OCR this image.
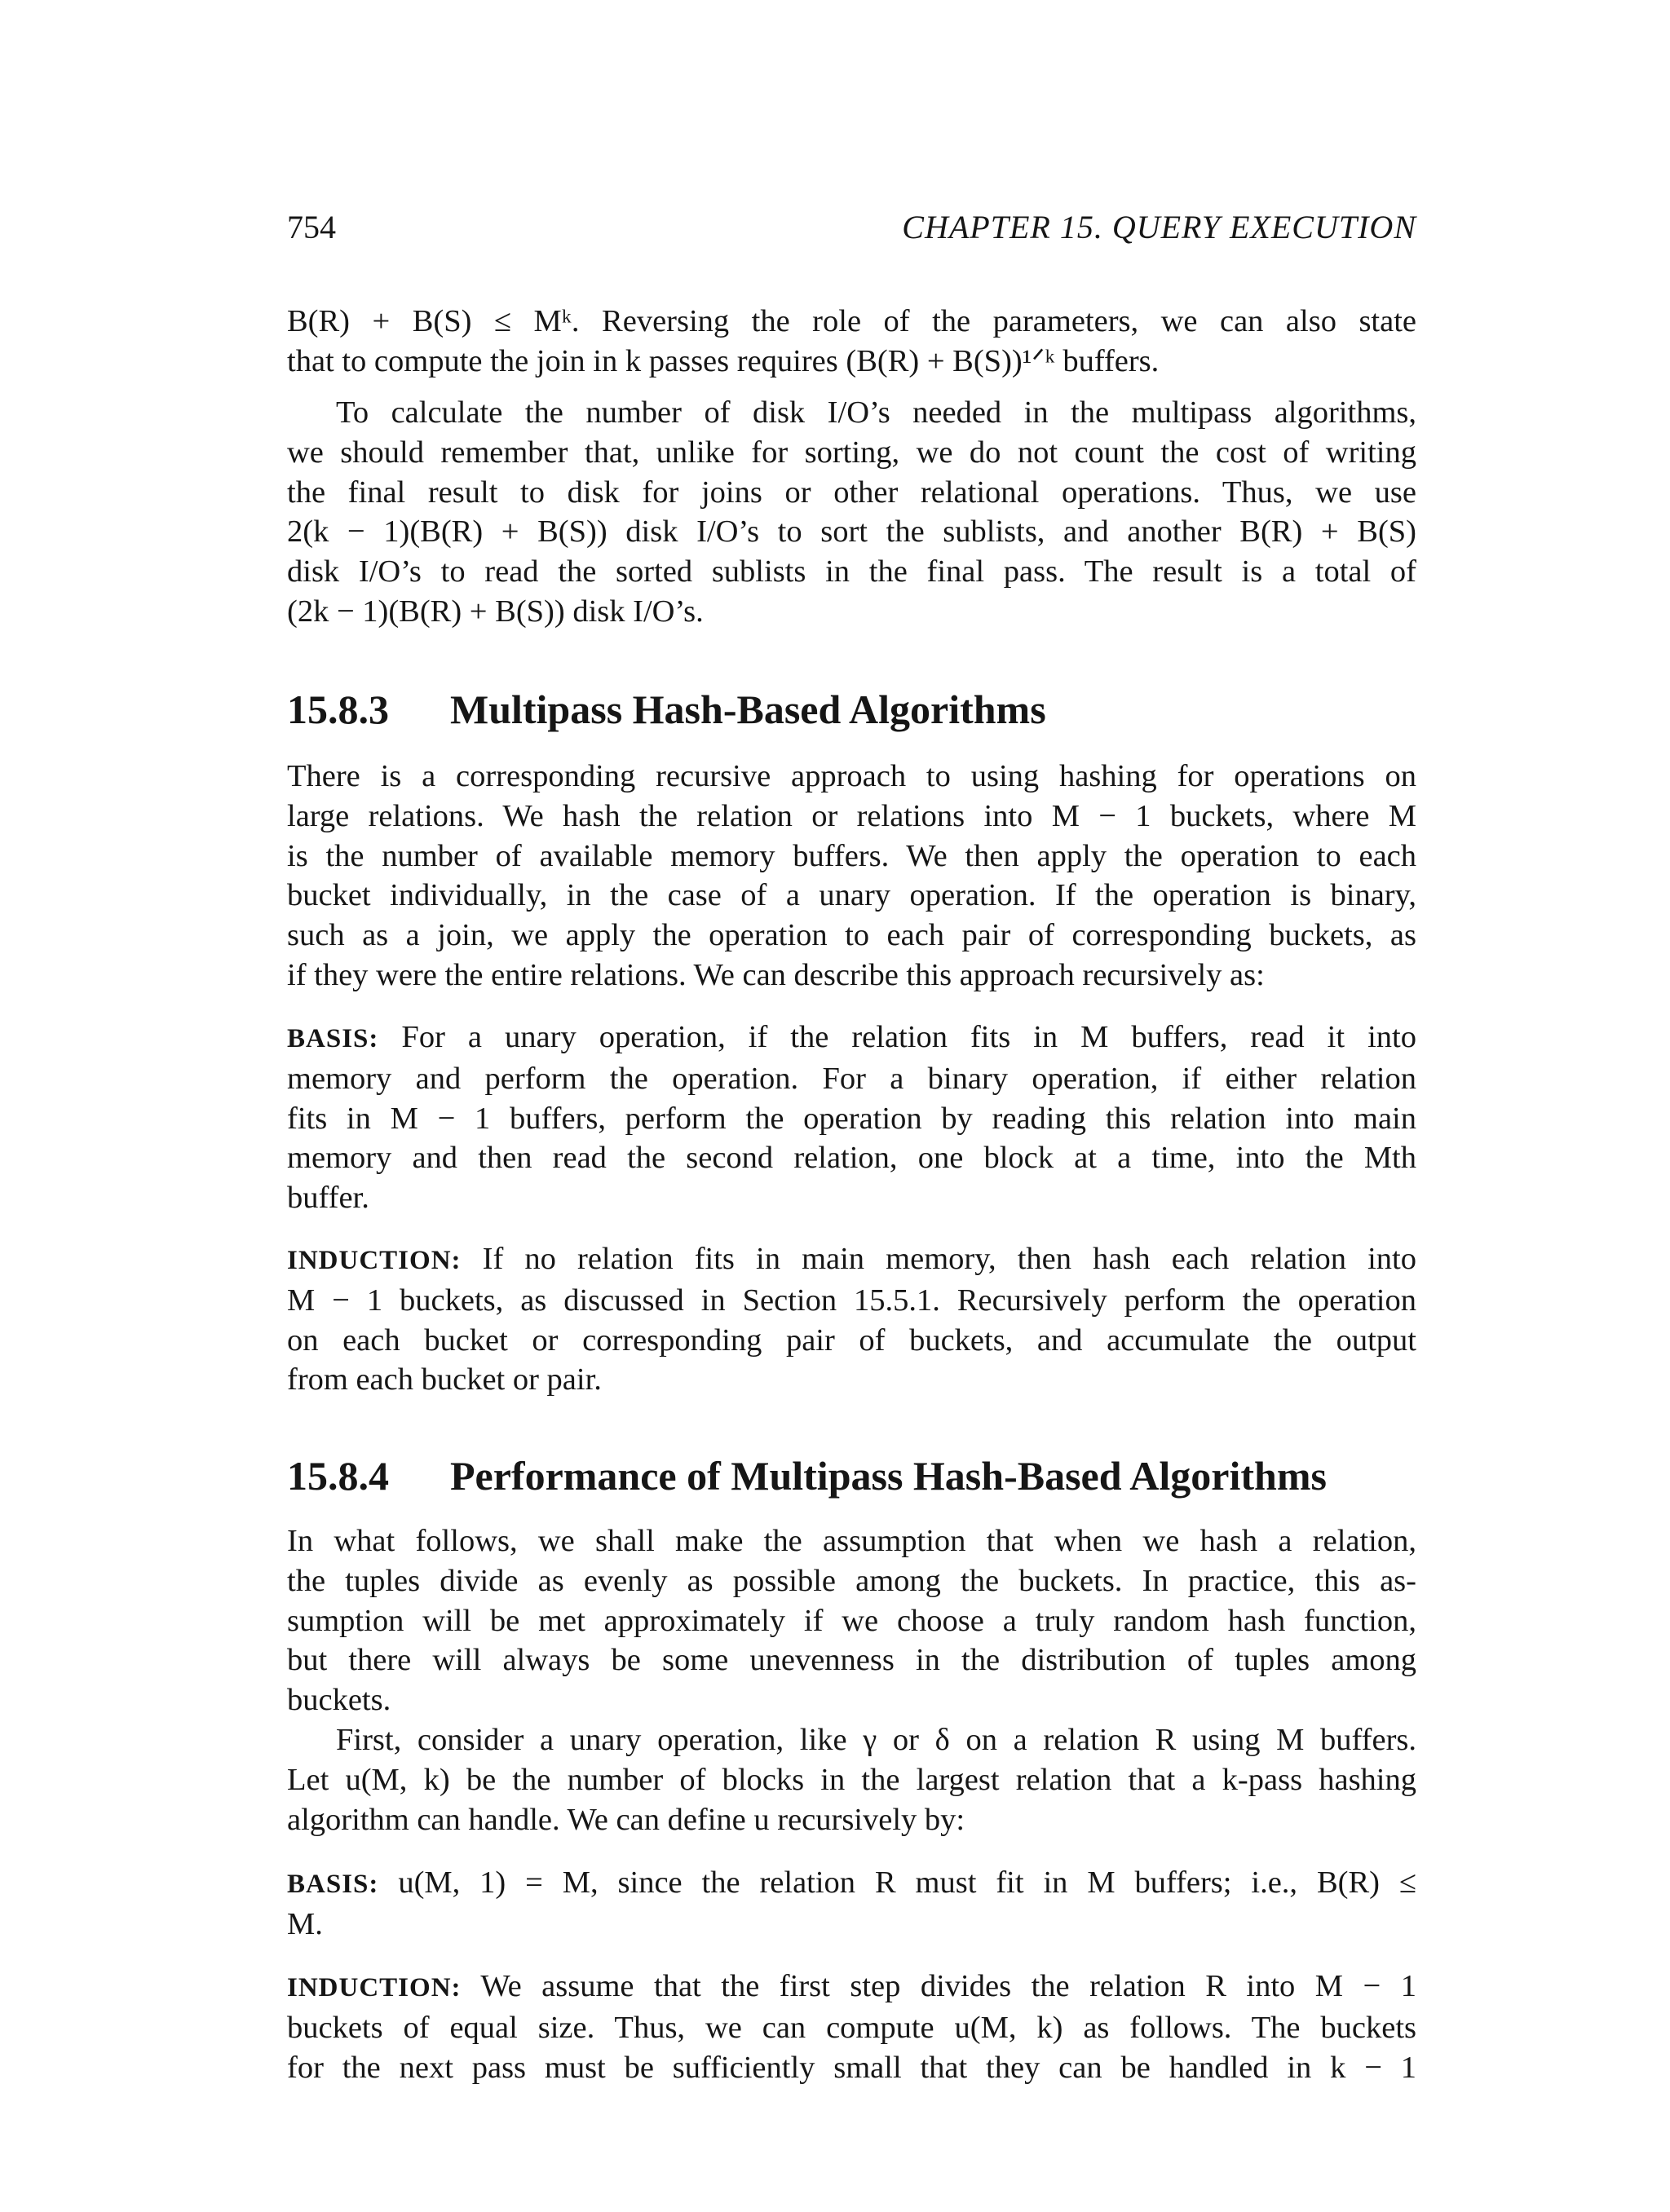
754	CHAPTER 15. QUERY EXECUTION
B(R) + B(S) ≤ Mᵏ. Reversing the role of the parameters, we can also state
that to compute the join in k passes requires (B(R) + B(S))¹ᐟᵏ buffers.
To calculate the number of disk I/O’s needed in the multipass algorithms,
we should remember that, unlike for sorting, we do not count the cost of writing
the final result to disk for joins or other relational operations. Thus, we use
2(k − 1)(B(R) + B(S)) disk I/O’s to sort the sublists, and another B(R) + B(S)
disk I/O’s to read the sorted sublists in the final pass. The result is a total of
(2k − 1)(B(R) + B(S)) disk I/O’s.
15.8.3 Multipass Hash-Based Algorithms
There is a corresponding recursive approach to using hashing for operations on
large relations. We hash the relation or relations into M − 1 buckets, where M
is the number of available memory buffers. We then apply the operation to each
bucket individually, in the case of a unary operation. If the operation is binary,
such as a join, we apply the operation to each pair of corresponding buckets, as
if they were the entire relations. We can describe this approach recursively as:
BASIS: For a unary operation, if the relation fits in M buffers, read it into
memory and perform the operation. For a binary operation, if either relation
fits in M − 1 buffers, perform the operation by reading this relation into main
memory and then read the second relation, one block at a time, into the Mth
buffer.
INDUCTION: If no relation fits in main memory, then hash each relation into
M − 1 buckets, as discussed in Section 15.5.1. Recursively perform the operation
on each bucket or corresponding pair of buckets, and accumulate the output
from each bucket or pair.
15.8.4 Performance of Multipass Hash-Based Algorithms
In what follows, we shall make the assumption that when we hash a relation,
the tuples divide as evenly as possible among the buckets. In practice, this as-
sumption will be met approximately if we choose a truly random hash function,
but there will always be some unevenness in the distribution of tuples among
buckets.
First, consider a unary operation, like γ or δ on a relation R using M buffers.
Let u(M, k) be the number of blocks in the largest relation that a k-pass hashing
algorithm can handle. We can define u recursively by:
BASIS: u(M, 1) = M, since the relation R must fit in M buffers; i.e., B(R) ≤
M.
INDUCTION: We assume that the first step divides the relation R into M − 1
buckets of equal size. Thus, we can compute u(M, k) as follows. The buckets
for the next pass must be sufficiently small that they can be handled in k − 1
